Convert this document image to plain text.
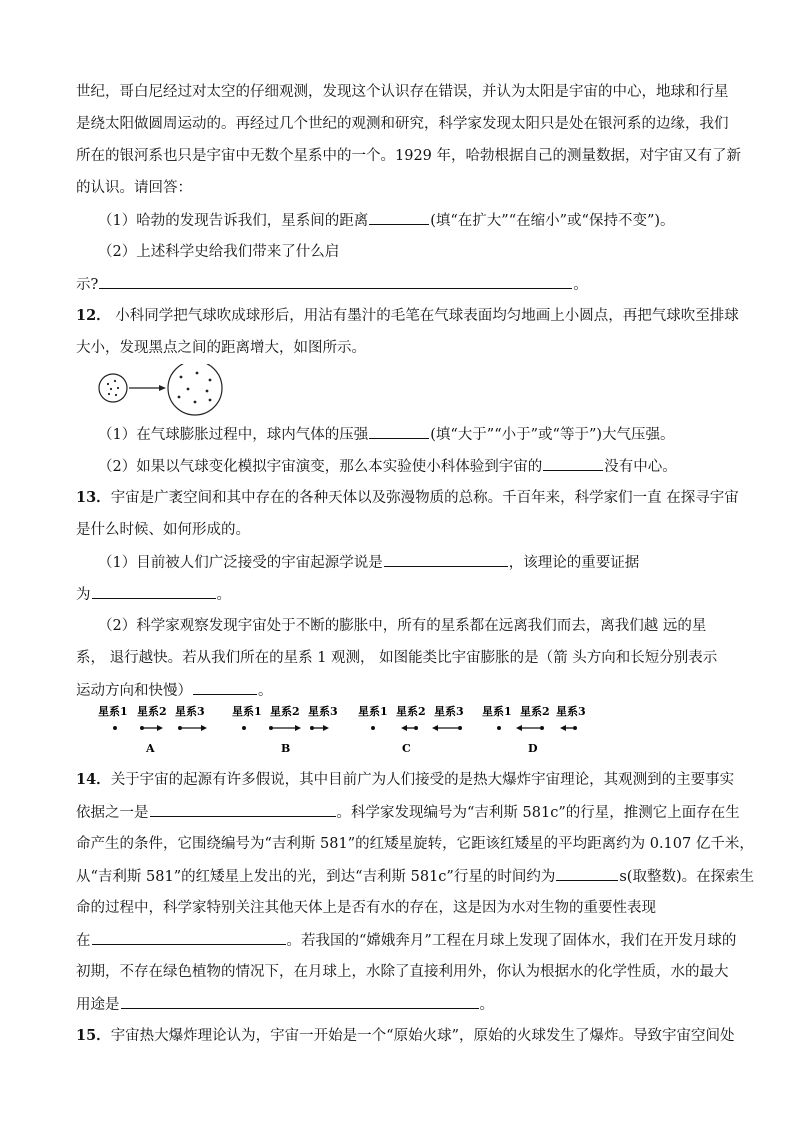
世纪，哥白尼经过对太空的仔细观测，发现这个认识存在错误，并认为太阳是宇宙的中心，地球和行星
是绕太阳做圆周运动的。再经过几个世纪的观测和研究，科学家发现太阳只是处在银河系的边缘，我们
所在的银河系也只是宇宙中无数个星系中的一个。1929 年，哈勃根据自己的测量数据，对宇宙又有了新
的认识。请回答：
（1）哈勃的发现告诉我们，星系间的距离	(填“在扩大”“在缩小”或“保持不变”)。
（2）上述科学史给我们带来了什么启
示?	。
12． 小科同学把气球吹成球形后，用沾有墨汁的毛笔在气球表面均匀地画上小圆点，再把气球吹至排球
大小，发现黑点之间的距离增大，如图所示。
（1）在气球膨胀过程中，球内气体的压强	(填“大于”“小于”或“等于”)大气压强。
（2）如果以气球变化模拟宇宙演变，那么本实验使小科体验到宇宙的	没有中心。
13．宇宙是广袤空间和其中存在的各种天体以及弥漫物质的总称。千百年来，科学家们一直 在探寻宇宙
是什么时候、如何形成的。
（1）目前被人们广泛接受的宇宙起源学说是	，该理论的重要证据
为	。
（2）科学家观察发现宇宙处于不断的膨胀中，所有的星系都在远离我们而去，离我们越 远的星
系， 退行越快。若从我们所在的星系 1 观测， 如图能类比宇宙膨胀的是（箭 头方向和长短分别表示
运动方向和快慢）	。
星系1 星系2 星系3
A
星系1 星系2 星系3
B
星系1 星系2 星系3
C
星系1 星系2 星系3
D
14．关于宇宙的起源有许多假说，其中目前广为人们接受的是热大爆炸宇宙理论，其观测到的主要事实
依据之一是	。科学家发现编号为“吉利斯 581c”的行星，推测它上面存在生
命产生的条件，它围绕编号为“吉利斯 581”的红矮星旋转，它距该红矮星的平均距离约为 0.107 亿千米，
从“吉利斯 581”的红矮星上发出的光，到达“吉利斯 581c”行星的时间约为	s(取整数)。在探索生
命的过程中，科学家特别关注其他天体上是否有水的存在，这是因为水对生物的重要性表现
在	。若我国的“嫦娥奔月”工程在月球上发现了固体水，我们在开发月球的
初期，不存在绿色植物的情况下，在月球上，水除了直接利用外，你认为根据水的化学性质，水的最大
用途是	。
15．宇宙热大爆炸理论认为，宇宙一开始是一个“原始火球”，原始的火球发生了爆炸。导致宇宙空间处
